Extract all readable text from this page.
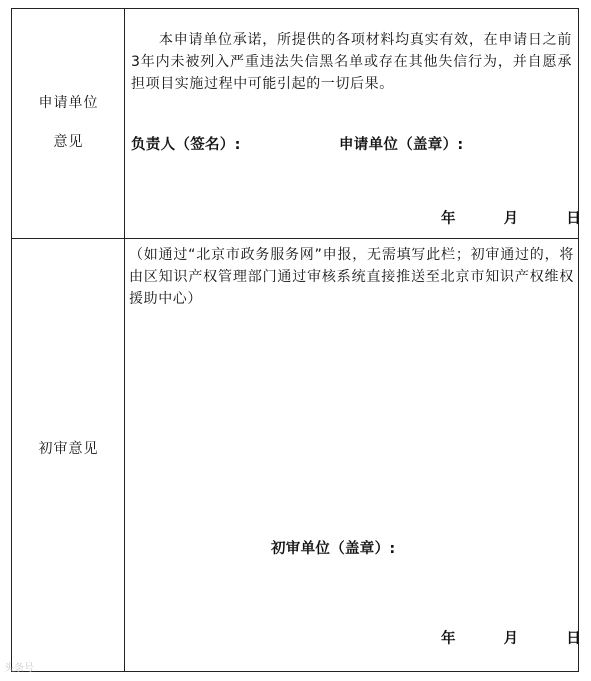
申请单位
意见
本申请单位承诺，所提供的各项材料均真实有效，在申请日之前3年内未被列入严重违法失信黑名单或存在其他失信行为，并自愿承担项目实施过程中可能引起的一切后果。
负责人（签名）:	申请单位（盖章）:
年	月	日
初审意见
（如通过“北京市政务服务网”申报，无需填写此栏；初审通过的，将由区知识产权管理部门通过审核系统直接推送至北京市知识产权维权援助中心）
初审单位（盖章）:
年	月	日
头条号
